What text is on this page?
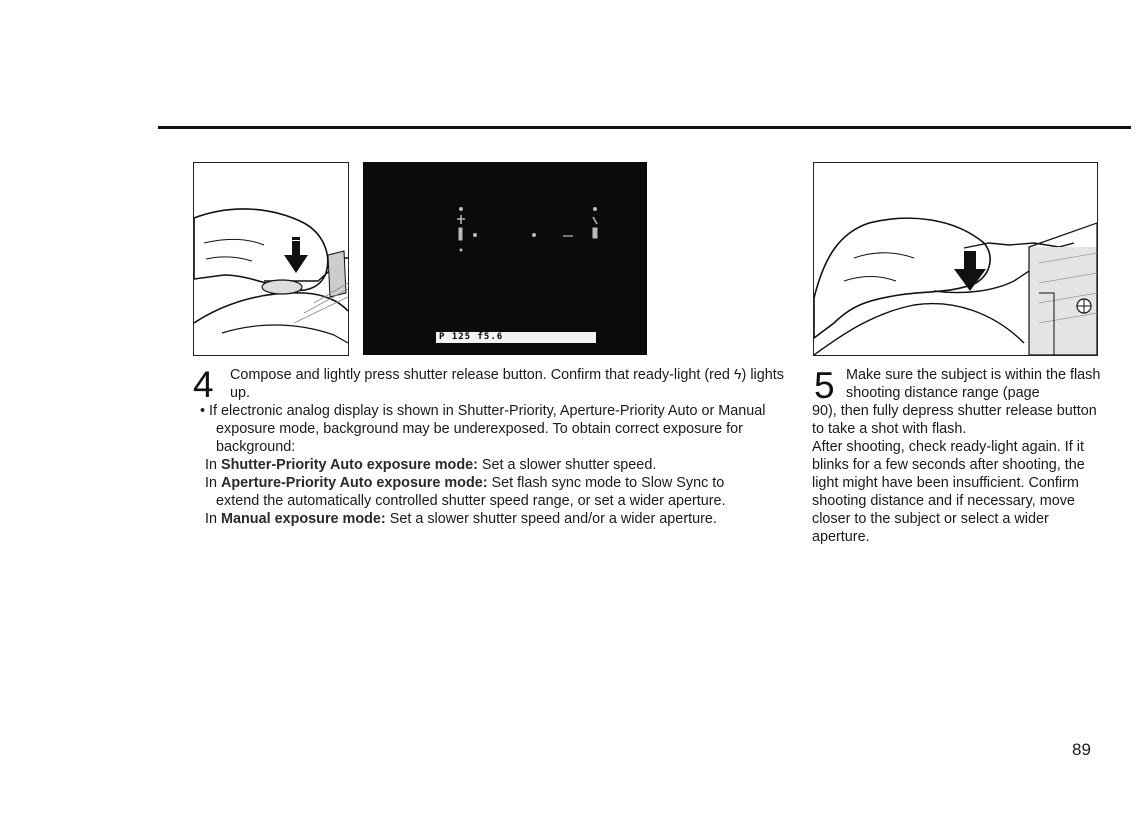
P 125 f5.6
4 Compose and lightly press shutter release button. Confirm that ready-light (red ϟ) lights up.
• If electronic analog display is shown in Shutter-Priority, Aperture-Priority Auto or Manual exposure mode, background may be underexposed. To obtain correct exposure for background:
In Shutter-Priority Auto exposure mode: Set a slower shutter speed.
In Aperture-Priority Auto exposure mode: Set flash sync mode to Slow Sync to
extend the automatically controlled shutter speed range, or set a wider aperture.
In Manual exposure mode: Set a slower shutter speed and/or a wider aperture.
5 Make sure the subject is within the flash shooting distance range (page
90), then fully depress shutter release button to take a shot with flash.
After shooting, check ready-light again. If it blinks for a few seconds after shooting, the light might have been insufficient. Confirm shooting distance and if necessary, move closer to the subject or select a wider aperture.
89
